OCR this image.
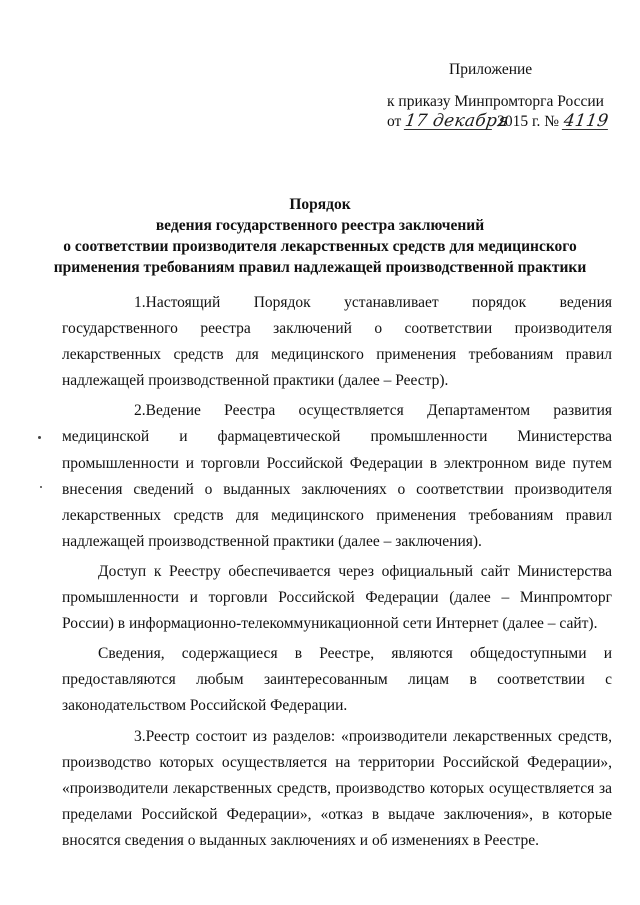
Приложение
к приказу Минпромторга России
от 17 декабря 2015 г. № 4119
Порядок
ведения государственного реестра заключений
о соответствии производителя лекарственных средств для медицинского
применения требованиям правил надлежащей производственной практики

1.Настоящий Порядок устанавливает порядок ведения государственного реестра заключений о соответствии производителя лекарственных средств для медицинского применения требованиям правил надлежащей производственной практики (далее – Реестр).

2.Ведение Реестра осуществляется Департаментом развития медицинской и фармацевтической промышленности Министерства промышленности и торговли Российской Федерации в электронном виде путем внесения сведений о выданных заключениях о соответствии производителя лекарственных средств для медицинского применения требованиям правил надлежащей производственной практики (далее – заключения).

Доступ к Реестру обеспечивается через официальный сайт Министерства промышленности и торговли Российской Федерации (далее – Минпромторг России) в информационно-телекоммуникационной сети Интернет (далее – сайт).

Сведения, содержащиеся в Реестре, являются общедоступными и предоставляются любым заинтересованным лицам в соответствии с законодательством Российской Федерации.

3.Реестр состоит из разделов: «производители лекарственных средств, производство которых осуществляется на территории Российской Федерации», «производители лекарственных средств, производство которых осуществляется за пределами Российской Федерации», «отказ в выдаче заключения», в которые вносятся сведения о выданных заключениях и об изменениях в Реестре.
